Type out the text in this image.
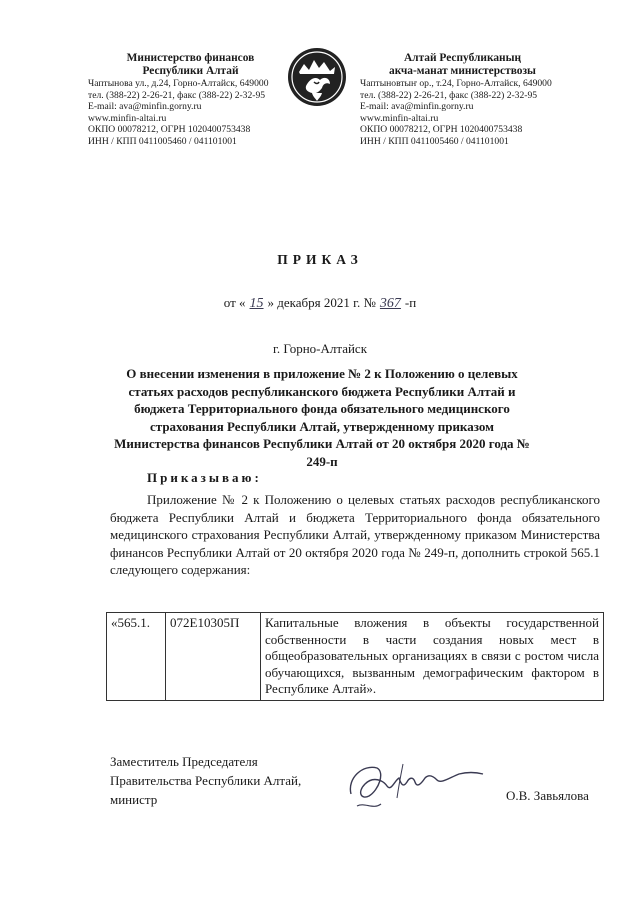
Министерство финансов
Республики Алтай
Чаптынова ул., д.24, Горно-Алтайск, 649000
тел. (388-22) 2-26-21, факс (388-22) 2-32-95
E-mail: ava@minfin.gorny.ru
www.minfin-altai.ru
ОКПО 00078212, ОГРН 1020400753438
ИНН / КПП 0411005460 / 041101001
Алтай Республиканың
акча-манат министерствозы
Чаптыновтыҥ ор., т.24, Горно-Алтайск, 649000
тел. (388-22) 2-26-21, факс (388-22) 2-32-95
E-mail: ava@minfin.gorny.ru
www.minfin-altai.ru
ОКПО 00078212, ОГРН 1020400753438
ИНН / КПП 0411005460 / 041101001
ПРИКАЗ
от « 15 » декабря 2021 г. № 367 -п
г. Горно-Алтайск
О внесении изменения в приложение № 2 к Положению о целевых статьях расходов республиканского бюджета Республики Алтай и бюджета Территориального фонда обязательного медицинского страхования Республики Алтай, утвержденному приказом Министерства финансов Республики Алтай от 20 октября 2020 года № 249-п
Приказываю:
Приложение № 2 к Положению о целевых статьях расходов республиканского бюджета Республики Алтай и бюджета Территориального фонда обязательного медицинского страхования Республики Алтай, утвержденному приказом Министерства финансов Республики Алтай от 20 октября 2020 года № 249-п, дополнить строкой 565.1 следующего содержания:
«565.1.	072E10305П	Капитальные вложения в объекты государственной собственности в части создания новых мест в общеобразовательных организациях в связи с ростом числа обучающихся, вызванным демографическим фактором в Республике Алтай».
Заместитель Председателя
Правительства Республики Алтай,
министр	О.В. Завьялова
